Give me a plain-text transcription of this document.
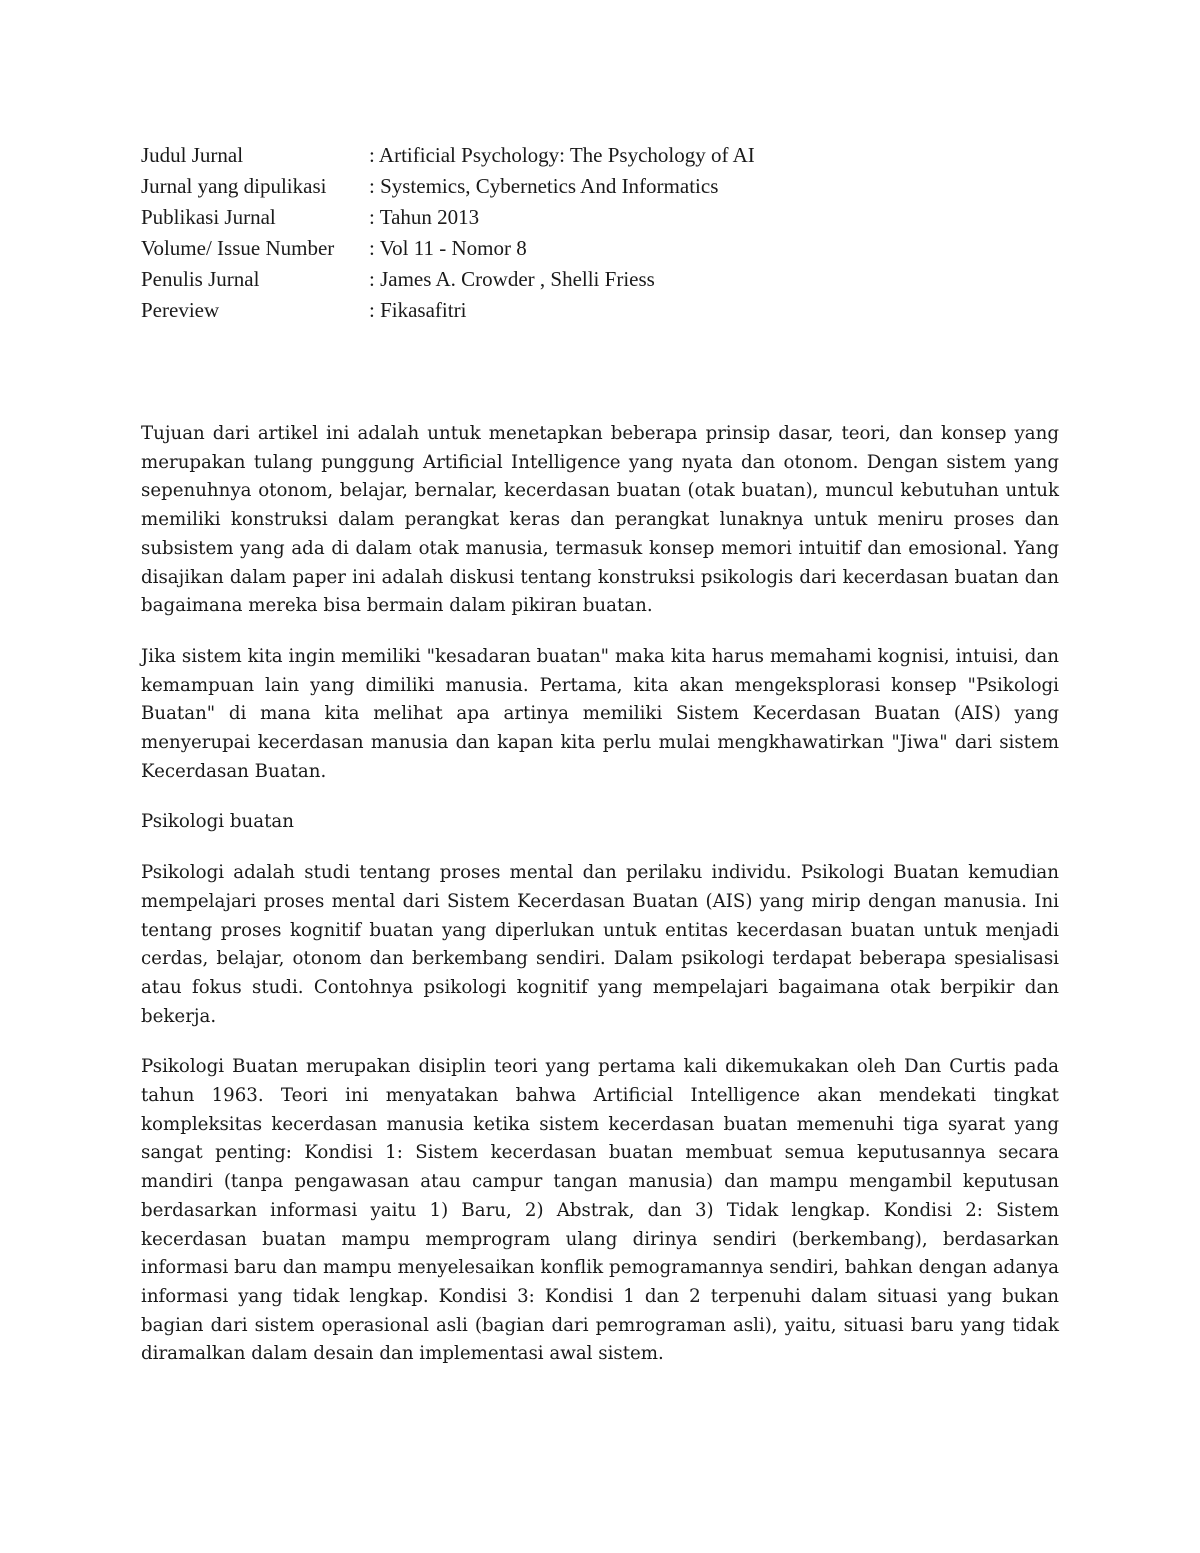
Judul Jurnal	: Artificial Psychology: The Psychology of AI
Jurnal yang dipulikasi	: Systemics, Cybernetics And Informatics
Publikasi Jurnal	: Tahun 2013
Volume/ Issue Number	: Vol 11 - Nomor 8
Penulis Jurnal	: James A. Crowder , Shelli Friess
Pereview	: Fikasafitri

Tujuan dari artikel ini adalah untuk menetapkan beberapa prinsip dasar, teori, dan konsep yang merupakan tulang punggung Artificial Intelligence yang nyata dan otonom. Dengan sistem yang sepenuhnya otonom, belajar, bernalar, kecerdasan buatan (otak buatan), muncul kebutuhan untuk memiliki konstruksi dalam perangkat keras dan perangkat lunaknya untuk meniru proses dan subsistem yang ada di dalam otak manusia, termasuk konsep memori intuitif dan emosional. Yang disajikan dalam paper ini adalah diskusi tentang konstruksi psikologis dari kecerdasan buatan dan bagaimana mereka bisa bermain dalam pikiran buatan.

Jika sistem kita ingin memiliki "kesadaran buatan" maka kita harus memahami kognisi, intuisi, dan kemampuan lain yang dimiliki manusia. Pertama, kita akan mengeksplorasi konsep "Psikologi Buatan" di mana kita melihat apa artinya memiliki Sistem Kecerdasan Buatan (AIS) yang menyerupai kecerdasan manusia dan kapan kita perlu mulai mengkhawatirkan "Jiwa" dari sistem Kecerdasan Buatan.

Psikologi buatan

Psikologi adalah studi tentang proses mental dan perilaku individu. Psikologi Buatan kemudian mempelajari proses mental dari Sistem Kecerdasan Buatan (AIS) yang mirip dengan manusia. Ini tentang proses kognitif buatan yang diperlukan untuk entitas kecerdasan buatan untuk menjadi cerdas, belajar, otonom dan berkembang sendiri. Dalam psikologi terdapat beberapa spesialisasi atau fokus studi. Contohnya psikologi kognitif yang mempelajari bagaimana otak berpikir dan bekerja.

Psikologi Buatan merupakan disiplin teori yang pertama kali dikemukakan oleh Dan Curtis pada tahun 1963. Teori ini menyatakan bahwa Artificial Intelligence akan mendekati tingkat kompleksitas kecerdasan manusia ketika sistem kecerdasan buatan memenuhi tiga syarat yang sangat penting: Kondisi 1: Sistem kecerdasan buatan membuat semua keputusannya secara mandiri (tanpa pengawasan atau campur tangan manusia) dan mampu mengambil keputusan berdasarkan informasi yaitu 1) Baru, 2) Abstrak, dan 3) Tidak lengkap. Kondisi 2: Sistem kecerdasan buatan mampu memprogram ulang dirinya sendiri (berkembang), berdasarkan informasi baru dan mampu menyelesaikan konflik pemogramannya sendiri, bahkan dengan adanya informasi yang tidak lengkap. Kondisi 3: Kondisi 1 dan 2 terpenuhi dalam situasi yang bukan bagian dari sistem operasional asli (bagian dari pemrograman asli), yaitu, situasi baru yang tidak diramalkan dalam desain dan implementasi awal sistem.
